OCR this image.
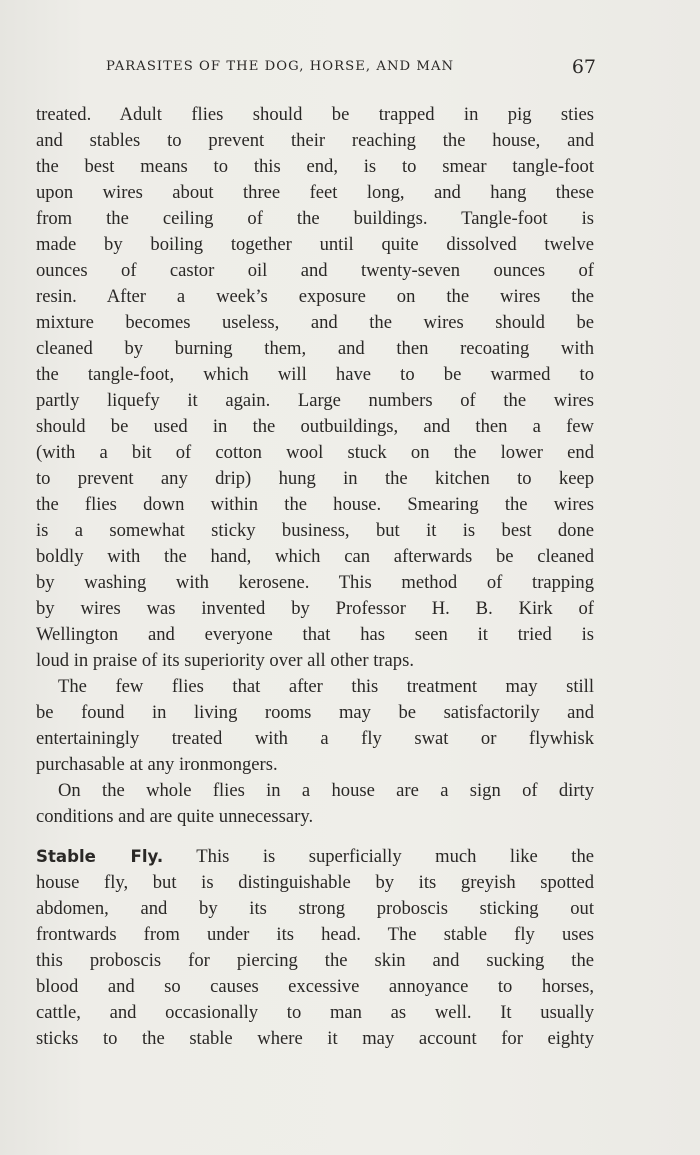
PARASITES OF THE DOG, HORSE, AND MAN	67
treated. Adult flies should be trapped in pig sties
and stables to prevent their reaching the house, and
the best means to this end, is to smear tangle-foot
upon wires about three feet long, and hang these
from the ceiling of the buildings. Tangle-foot is
made by boiling together until quite dissolved twelve
ounces of castor oil and twenty-seven ounces of
resin. After a week’s exposure on the wires the
mixture becomes useless, and the wires should be
cleaned by burning them, and then recoating with
the tangle-foot, which will have to be warmed to
partly liquefy it again. Large numbers of the wires
should be used in the outbuildings, and then a few
(with a bit of cotton wool stuck on the lower end
to prevent any drip) hung in the kitchen to keep
the flies down within the house. Smearing the wires
is a somewhat sticky business, but it is best done
boldly with the hand, which can afterwards be cleaned
by washing with kerosene. This method of trapping
by wires was invented by Professor H. B. Kirk of
Wellington and everyone that has seen it tried is
loud in praise of its superiority over all other traps.
The few flies that after this treatment may still
be found in living rooms may be satisfactorily and
entertainingly treated with a fly swat or flywhisk
purchasable at any ironmongers.
On the whole flies in a house are a sign of dirty
conditions and are quite unnecessary.
Stable Fly. This is superficially much like the
house fly, but is distinguishable by its greyish spotted
abdomen, and by its strong proboscis sticking out
frontwards from under its head. The stable fly uses
this proboscis for piercing the skin and sucking the
blood and so causes excessive annoyance to horses,
cattle, and occasionally to man as well. It usually
sticks to the stable where it may account for eighty
